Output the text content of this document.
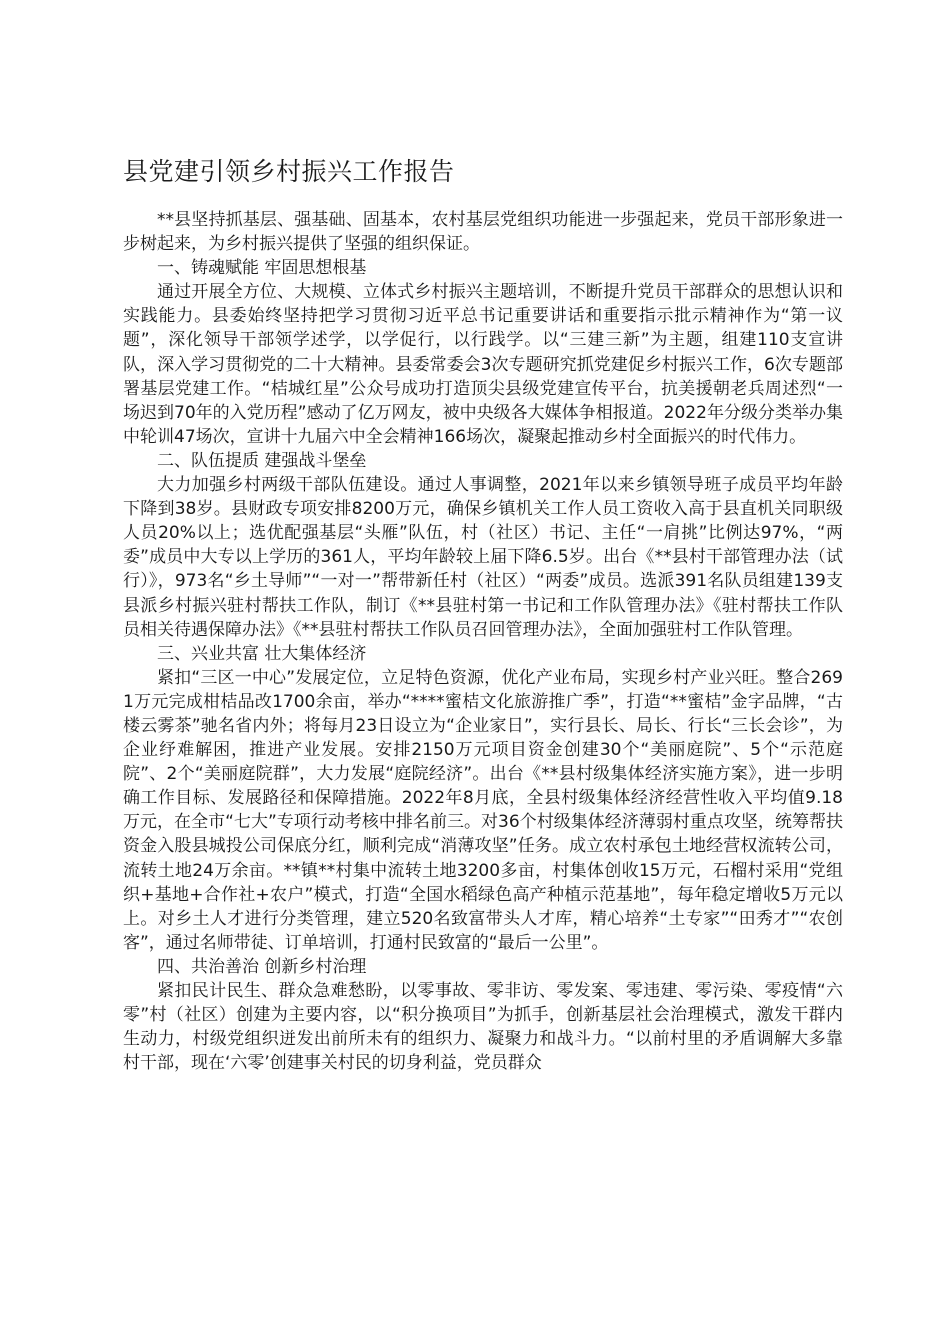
县党建引领乡村振兴工作报告

**县坚持抓基层、强基础、固基本，农村基层党组织功能进一步强起来，党员干部形象进一步树起来，为乡村振兴提供了坚强的组织保证。

一、铸魂赋能 牢固思想根基

通过开展全方位、大规模、立体式乡村振兴主题培训，不断提升党员干部群众的思想认识和实践能力。县委始终坚持把学习贯彻习近平总书记重要讲话和重要指示批示精神作为“第一议题”，深化领导干部领学述学，以学促行，以行践学。以“三建三新”为主题，组建110支宣讲队，深入学习贯彻党的二十大精神。县委常委会3次专题研究抓党建促乡村振兴工作，6次专题部署基层党建工作。“桔城红星”公众号成功打造顶尖县级党建宣传平台，抗美援朝老兵周述烈“一场迟到70年的入党历程”感动了亿万网友，被中央级各大媒体争相报道。2022年分级分类举办集中轮训47场次，宣讲十九届六中全会精神166场次，凝聚起推动乡村全面振兴的时代伟力。

二、队伍提质 建强战斗堡垒

大力加强乡村两级干部队伍建设。通过人事调整，2021年以来乡镇领导班子成员平均年龄下降到38岁。县财政专项安排8200万元，确保乡镇机关工作人员工资收入高于县直机关同职级人员20%以上；选优配强基层“头雁”队伍，村（社区）书记、主任“一肩挑”比例达97%，“两委”成员中大专以上学历的361人，平均年龄较上届下降6.5岁。出台《**县村干部管理办法（试行）》，973名“乡土导师”“一对一”帮带新任村（社区）“两委”成员。选派391名队员组建139支县派乡村振兴驻村帮扶工作队，制订《**县驻村第一书记和工作队管理办法》《驻村帮扶工作队员相关待遇保障办法》《**县驻村帮扶工作队员召回管理办法》，全面加强驻村工作队管理。

三、兴业共富 壮大集体经济

紧扣“三区一中心”发展定位，立足特色资源，优化产业布局，实现乡村产业兴旺。整合2691万元完成柑桔品改1700余亩，举办“****蜜桔文化旅游推广季”，打造“**蜜桔”金字品牌，“古楼云雾茶”驰名省内外；将每月23日设立为“企业家日”，实行县长、局长、行长“三长会诊”，为企业纾难解困，推进产业发展。安排2150万元项目资金创建30个“美丽庭院”、5个“示范庭院”、2个“美丽庭院群”，大力发展“庭院经济”。出台《**县村级集体经济实施方案》，进一步明确工作目标、发展路径和保障措施。2022年8月底，全县村级集体经济经营性收入平均值9.18万元，在全市“七大”专项行动考核中排名前三。对36个村级集体经济薄弱村重点攻坚，统筹帮扶资金入股县城投公司保底分红，顺利完成“消薄攻坚”任务。成立农村承包土地经营权流转公司，流转土地24万余亩。**镇**村集中流转土地3200多亩，村集体创收15万元，石榴村采用“党组织+基地+合作社+农户”模式，打造“全国水稻绿色高产种植示范基地”，每年稳定增收5万元以上。对乡土人才进行分类管理，建立520名致富带头人才库，精心培养“土专家”“田秀才”“农创客”，通过名师带徒、订单培训，打通村民致富的“最后一公里”。

四、共治善治 创新乡村治理

紧扣民计民生、群众急难愁盼，以零事故、零非访、零发案、零违建、零污染、零疫情“六零”村（社区）创建为主要内容，以“积分换项目”为抓手，创新基层社会治理模式，激发干群内生动力，村级党组织迸发出前所未有的组织力、凝聚力和战斗力。“以前村里的矛盾调解大多靠村干部，现在‘六零’创建事关村民的切身利益，党员群众
